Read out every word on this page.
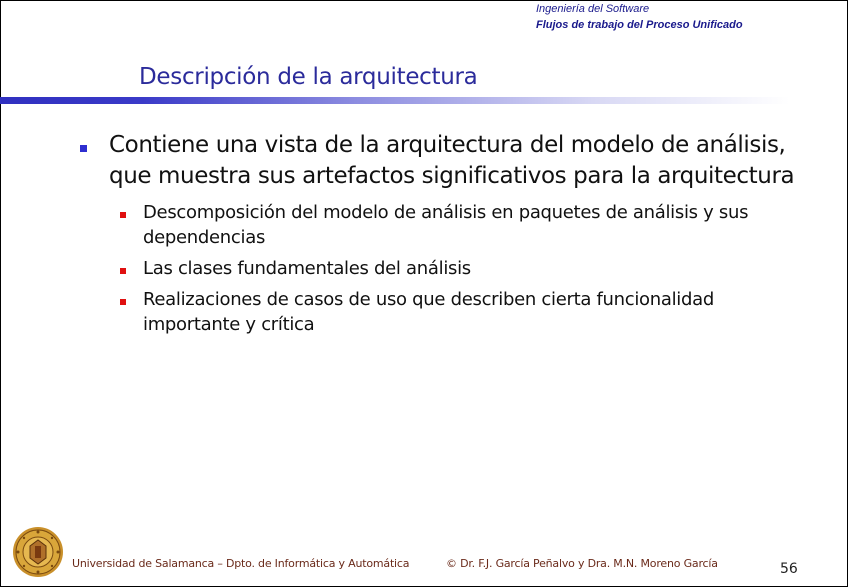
Ingeniería del Software
Flujos de trabajo del Proceso Unificado
Descripción de la arquitectura
Contiene una vista de la arquitectura del modelo de análisis,
que muestra sus artefactos significativos para la arquitectura
Descomposición del modelo de análisis en paquetes de análisis y sus
dependencias
Las clases fundamentales del análisis
Realizaciones de casos de uso que describen cierta funcionalidad
importante y crítica
Universidad de Salamanca – Dpto. de Informática y Automática	© Dr. F.J. García Peñalvo y Dra. M.N. Moreno García	56
